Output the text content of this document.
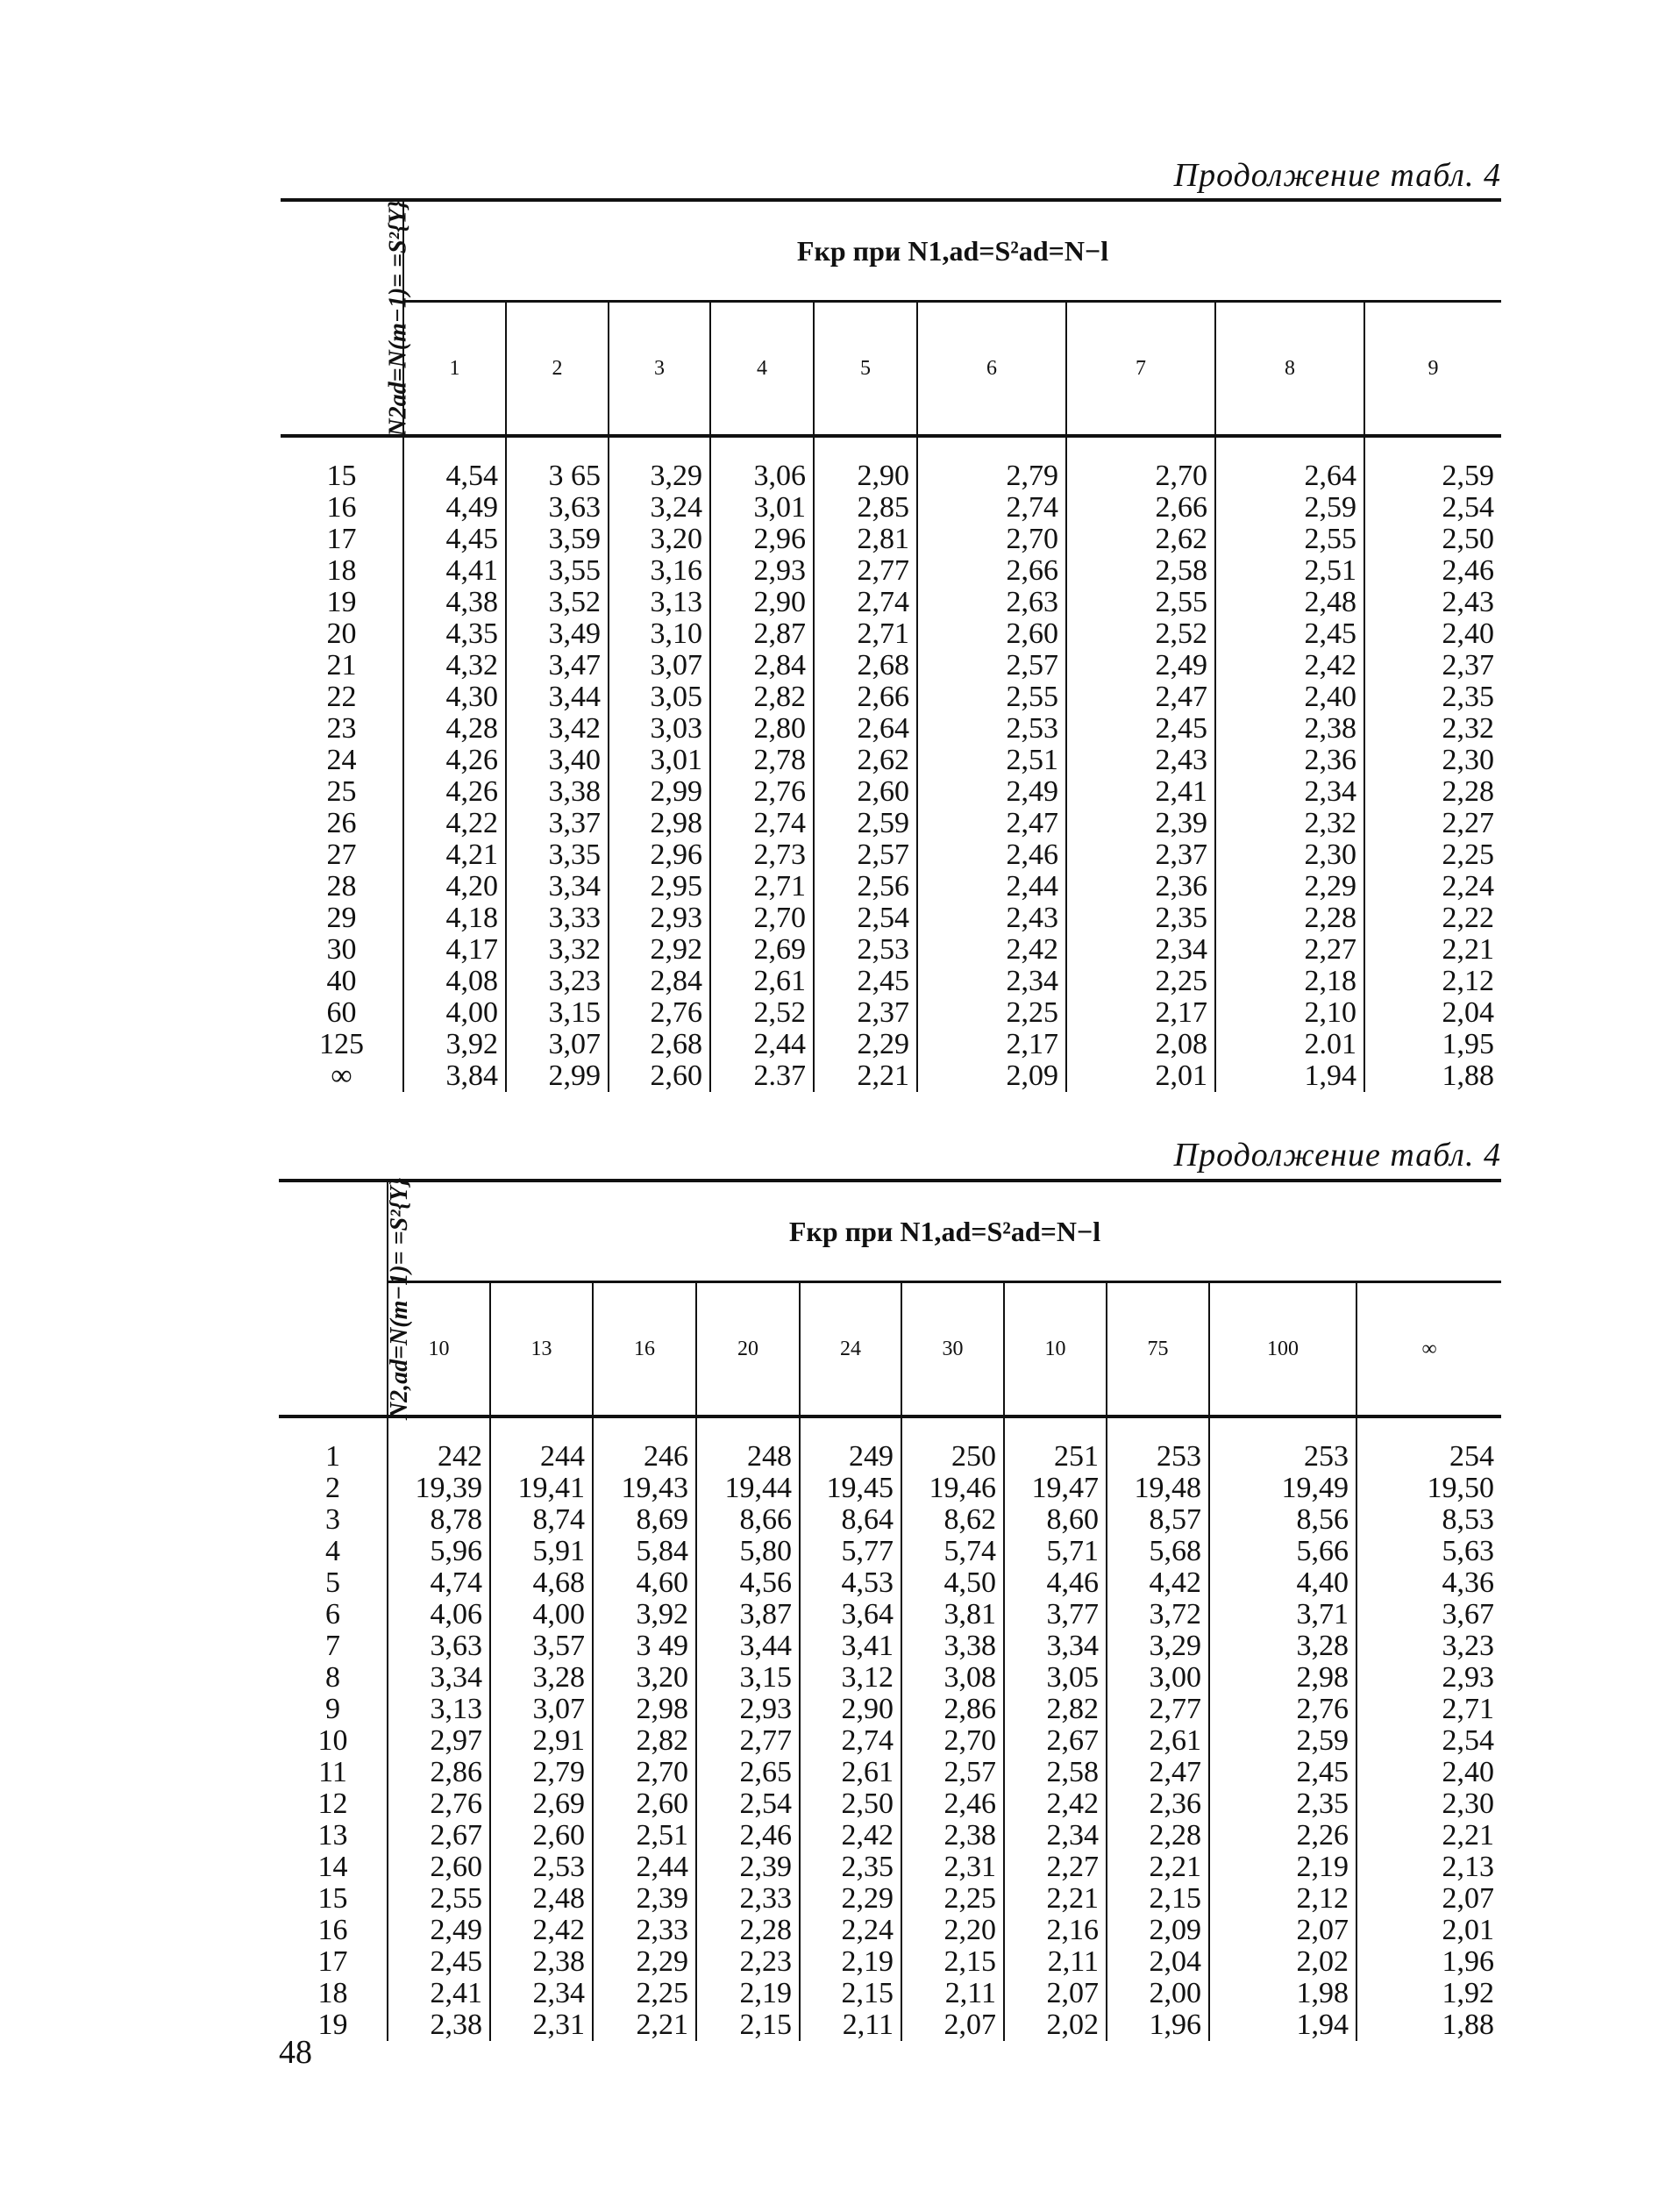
Продолжение табл. 4
N2ad=N(m−1)= =S²{Y}	Fкр при N1,ad=S²ad=N−l								

	1	2	3	4	5	6	7	8	9
15	4,54	3 65	3,29	3,06	2,90	2,79	2,70	2,64	2,59
16	4,49	3,63	3,24	3,01	2,85	2,74	2,66	2,59	2,54
17	4,45	3,59	3,20	2,96	2,81	2,70	2,62	2,55	2,50
18	4,41	3,55	3,16	2,93	2,77	2,66	2,58	2,51	2,46
19	4,38	3,52	3,13	2,90	2,74	2,63	2,55	2,48	2,43
20	4,35	3,49	3,10	2,87	2,71	2,60	2,52	2,45	2,40
21	4,32	3,47	3,07	2,84	2,68	2,57	2,49	2,42	2,37
22	4,30	3,44	3,05	2,82	2,66	2,55	2,47	2,40	2,35
23	4,28	3,42	3,03	2,80	2,64	2,53	2,45	2,38	2,32
24	4,26	3,40	3,01	2,78	2,62	2,51	2,43	2,36	2,30
25	4,26	3,38	2,99	2,76	2,60	2,49	2,41	2,34	2,28
26	4,22	3,37	2,98	2,74	2,59	2,47	2,39	2,32	2,27
27	4,21	3,35	2,96	2,73	2,57	2,46	2,37	2,30	2,25
28	4,20	3,34	2,95	2,71	2,56	2,44	2,36	2,29	2,24
29	4,18	3,33	2,93	2,70	2,54	2,43	2,35	2,28	2,22
30	4,17	3,32	2,92	2,69	2,53	2,42	2,34	2,27	2,21
40	4,08	3,23	2,84	2,61	2,45	2,34	2,25	2,18	2,12
60	4,00	3,15	2,76	2,52	2,37	2,25	2,17	2,10	2,04
125	3,92	3,07	2,68	2,44	2,29	2,17	2,08	2.01	1,95
∞	3,84	2,99	2,60	2.37	2,21	2,09	2,01	1,94	1,88
Продолжение табл. 4
N2,ad=N(m−1)= =S²{Y}	Fкр при N1,ad=S²ad=N−l									

	10	13	16	20	24	30	10	75	100	∞
1	242	244	246	248	249	250	251	253	253	254
2	19,39	19,41	19,43	19,44	19,45	19,46	19,47	19,48	19,49	19,50
3	8,78	8,74	8,69	8,66	8,64	8,62	8,60	8,57	8,56	8,53
4	5,96	5,91	5,84	5,80	5,77	5,74	5,71	5,68	5,66	5,63
5	4,74	4,68	4,60	4,56	4,53	4,50	4,46	4,42	4,40	4,36
6	4,06	4,00	3,92	3,87	3,64	3,81	3,77	3,72	3,71	3,67
7	3,63	3,57	3 49	3,44	3,41	3,38	3,34	3,29	3,28	3,23
8	3,34	3,28	3,20	3,15	3,12	3,08	3,05	3,00	2,98	2,93
9	3,13	3,07	2,98	2,93	2,90	2,86	2,82	2,77	2,76	2,71
10	2,97	2,91	2,82	2,77	2,74	2,70	2,67	2,61	2,59	2,54
11	2,86	2,79	2,70	2,65	2,61	2,57	2,58	2,47	2,45	2,40
12	2,76	2,69	2,60	2,54	2,50	2,46	2,42	2,36	2,35	2,30
13	2,67	2,60	2,51	2,46	2,42	2,38	2,34	2,28	2,26	2,21
14	2,60	2,53	2,44	2,39	2,35	2,31	2,27	2,21	2,19	2,13
15	2,55	2,48	2,39	2,33	2,29	2,25	2,21	2,15	2,12	2,07
16	2,49	2,42	2,33	2,28	2,24	2,20	2,16	2,09	2,07	2,01
17	2,45	2,38	2,29	2,23	2,19	2,15	2,11	2,04	2,02	1,96
18	2,41	2,34	2,25	2,19	2,15	2,11	2,07	2,00	1,98	1,92
19	2,38	2,31	2,21	2,15	2,11	2,07	2,02	1,96	1,94	1,88
48
